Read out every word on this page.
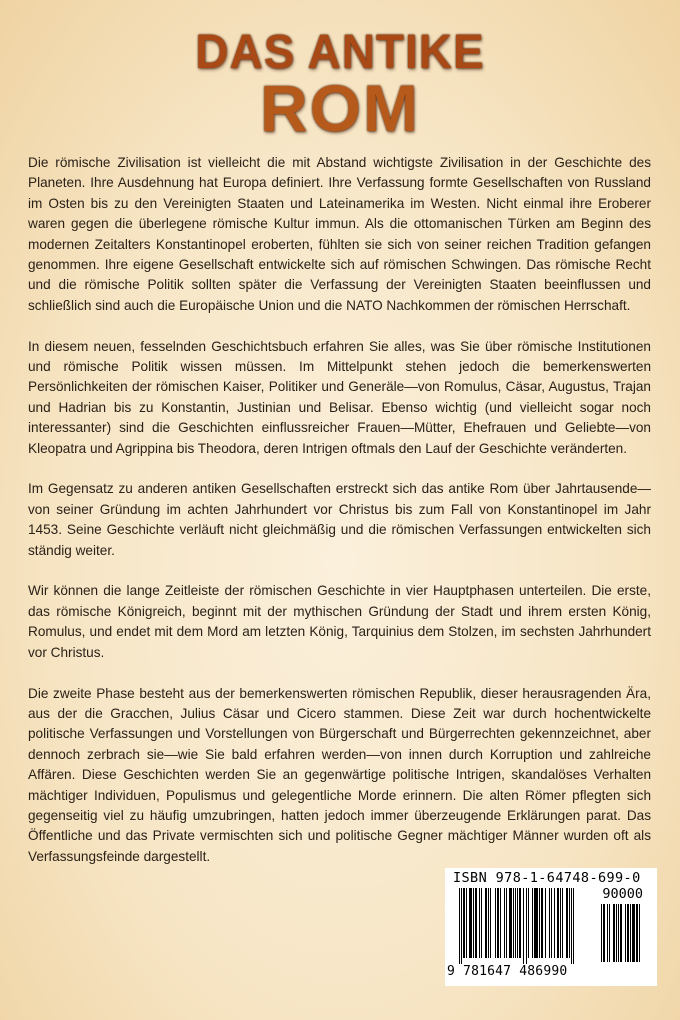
DAS ANTIKE
ROM

Die römische Zivilisation ist vielleicht die mit Abstand wichtigste Zivilisation in der Geschichte des Planeten. Ihre Ausdehnung hat Europa definiert. Ihre Verfassung formte Gesellschaften von Russland im Osten bis zu den Vereinigten Staaten und Lateinamerika im Westen. Nicht einmal ihre Eroberer waren gegen die überlegene römische Kultur immun. Als die ottomanischen Türken am Beginn des modernen Zeitalters Konstantinopel eroberten, fühlten sie sich von seiner reichen Tradition gefangen genommen. Ihre eigene Gesellschaft entwickelte sich auf römischen Schwingen. Das römische Recht und die römische Politik sollten später die Verfassung der Vereinigten Staaten beeinflussen und schließlich sind auch die Europäische Union und die NATO Nachkommen der römischen Herrschaft.

In diesem neuen, fesselnden Geschichtsbuch erfahren Sie alles, was Sie über römische Institutionen und römische Politik wissen müssen. Im Mittelpunkt stehen jedoch die bemerkenswerten Persönlichkeiten der römischen Kaiser, Politiker und Generäle—von Romulus, Cäsar, Augustus, Trajan und Hadrian bis zu Konstantin, Justinian und Belisar. Ebenso wichtig (und vielleicht sogar noch interessanter) sind die Geschichten einflussreicher Frauen—Mütter, Ehefrauen und Geliebte—von Kleopatra und Agrippina bis Theodora, deren Intrigen oftmals den Lauf der Geschichte veränderten.

Im Gegensatz zu anderen antiken Gesellschaften erstreckt sich das antike Rom über Jahrtausende—von seiner Gründung im achten Jahrhundert vor Christus bis zum Fall von Konstantinopel im Jahr 1453. Seine Geschichte verläuft nicht gleichmäßig und die römischen Verfassungen entwickelten sich ständig weiter.

Wir können die lange Zeitleiste der römischen Geschichte in vier Hauptphasen unterteilen. Die erste, das römische Königreich, beginnt mit der mythischen Gründung der Stadt und ihrem ersten König, Romulus, und endet mit dem Mord am letzten König, Tarquinius dem Stolzen, im sechsten Jahrhundert vor Christus.

Die zweite Phase besteht aus der bemerkenswerten römischen Republik, dieser herausragenden Ära, aus der die Gracchen, Julius Cäsar und Cicero stammen. Diese Zeit war durch hochentwickelte politische Verfassungen und Vorstellungen von Bürgerschaft und Bürgerrechten gekennzeichnet, aber dennoch zerbrach sie—wie Sie bald erfahren werden—von innen durch Korruption und zahlreiche Affären. Diese Geschichten werden Sie an gegenwärtige politische Intrigen, skandalöses Verhalten mächtiger Individuen, Populismus und gelegentliche Morde erinnern. Die alten Römer pflegten sich gegenseitig viel zu häufig umzubringen, hatten jedoch immer überzeugende Erklärungen parat. Das Öffentliche und das Private vermischten sich und politische Gegner mächtiger Männer wurden oft als Verfassungsfeinde dargestellt.

ISBN 978-1-64748-699-0
90000
9 781647 486990
